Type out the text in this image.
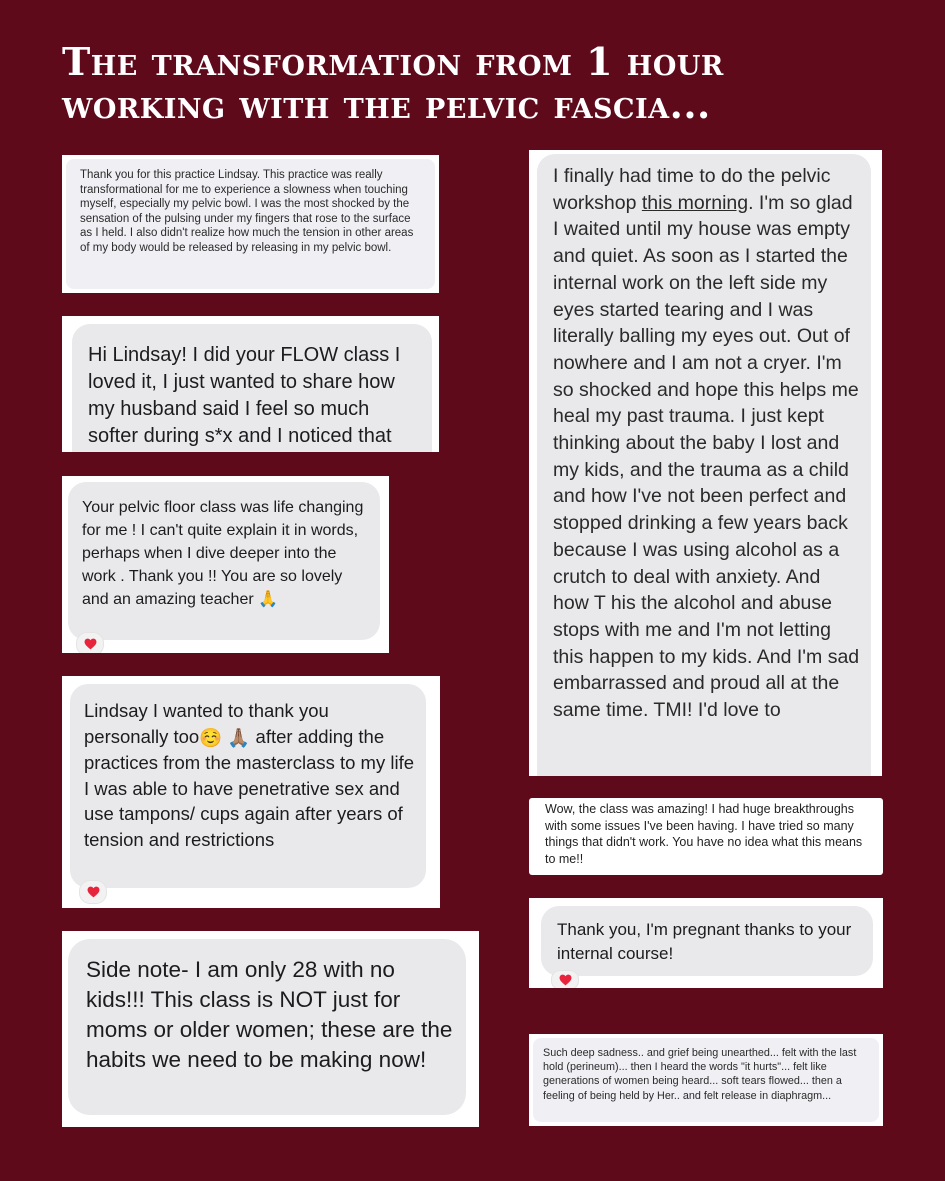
The transformation from 1 hour working with the pelvic fascia...

Thank you for this practice Lindsay. This practice was really transformational for me to experience a slowness when touching myself, especially my pelvic bowl. I was the most shocked by the sensation of the pulsing under my fingers that rose to the surface as I held. I also didn't realize how much the tension in other areas of my body would be released by releasing in my pelvic bowl.

Hi Lindsay! I did your FLOW class I loved it, I just wanted to share how my husband said I feel so much softer during s*x and I noticed that

Your pelvic floor class was life changing for me ! I can't quite explain it in words, perhaps when I dive deeper into the work . Thank you !! You are so lovely and an amazing teacher 🙏

Lindsay I wanted to thank you personally too☺️ 🙏🏽 after adding the practices from the masterclass to my life I was able to have penetrative sex and use tampons/ cups again after years of tension and restrictions

Side note- I am only 28 with no kids!!! This class is NOT just for moms or older women; these are the habits we need to be making now!

I finally had time to do the pelvic workshop this morning. I'm so glad I waited until my house was empty and quiet. As soon as I started the internal work on the left side my eyes started tearing and I was literally balling my eyes out. Out of nowhere and I am not a cryer. I'm so shocked and hope this helps me heal my past trauma. I just kept thinking about the baby I lost and my kids, and the trauma as a child and how I've not been perfect and stopped drinking a few years back because I was using alcohol as a crutch to deal with anxiety. And how T his the alcohol and abuse stops with me and I'm not letting this happen to my kids. And I'm sad embarrassed and proud all at the same time. TMI! I'd love to

Wow, the class was amazing! I had huge breakthroughs with some issues I've been having. I have tried so many things that didn't work. You have no idea what this means to me!!

Thank you, I'm pregnant thanks to your internal course!

Such deep sadness.. and grief being unearthed... felt with the last hold (perineum)... then I heard the words "it hurts"... felt like generations of women being heard... soft tears flowed... then a feeling of being held by Her.. and felt release in diaphragm...
